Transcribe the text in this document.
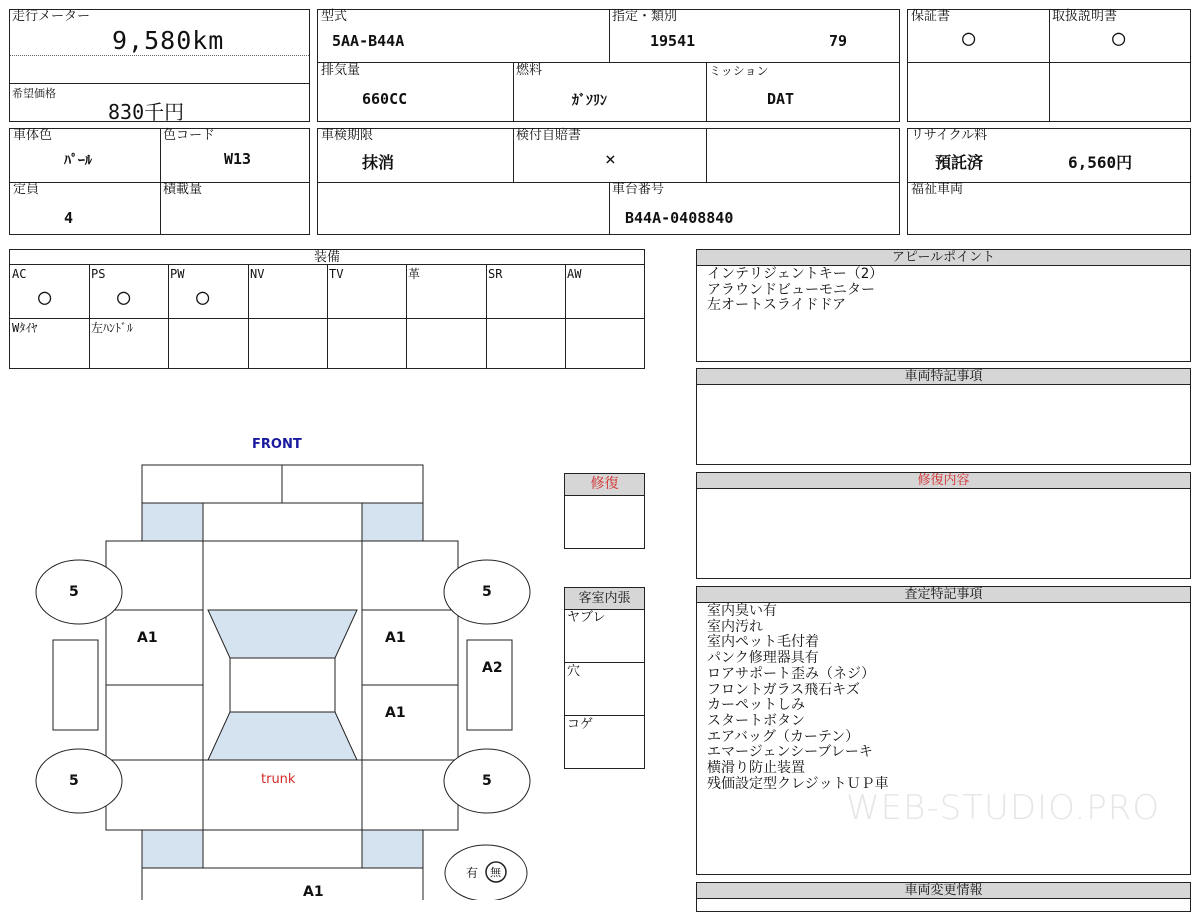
走行メーター
9,580km
希望価格
830千円
型式
5AA-B44A
指定・類別
19541	79
排気量
660CC
燃料
ｶﾞｿﾘﾝ
ミッション
DAT
保証書
○
取扱説明書
○
車体色
ﾊﾟｰﾙ
色コード
W13
定員
4
積載量
車検期限
抹消
検付自賠書
×
車台番号
B44A-0408840
リサイクル料
預託済	6,560円
福祉車両
装備
AC	PS	PW	NV	TV	革	SR	AW
○	○	○
Wﾀｲﾔ	左ﾊﾝﾄﾞﾙ
アピールポイント
インテリジェントキー（2）
アラウンドビューモニター
左オートスライドドア
車両特記事項
修復内容
査定特記事項
室内臭い有
室内汚れ
室内ペット毛付着
パンク修理器具有
ロアサポート歪み（ネジ）
フロントガラス飛石キズ
カーペットしみ
スタートボタン
エアバッグ（カーテン）
エマージェンシーブレーキ
横滑り防止装置
残価設定型クレジットＵＰ車
車両変更情報
WEB-STUDIO.PRO
修復
客室内張
ヤブレ
穴
コゲ
FRONT
trunk
5	5
5	5
A1	A1
A1
A2
A1
有 無
